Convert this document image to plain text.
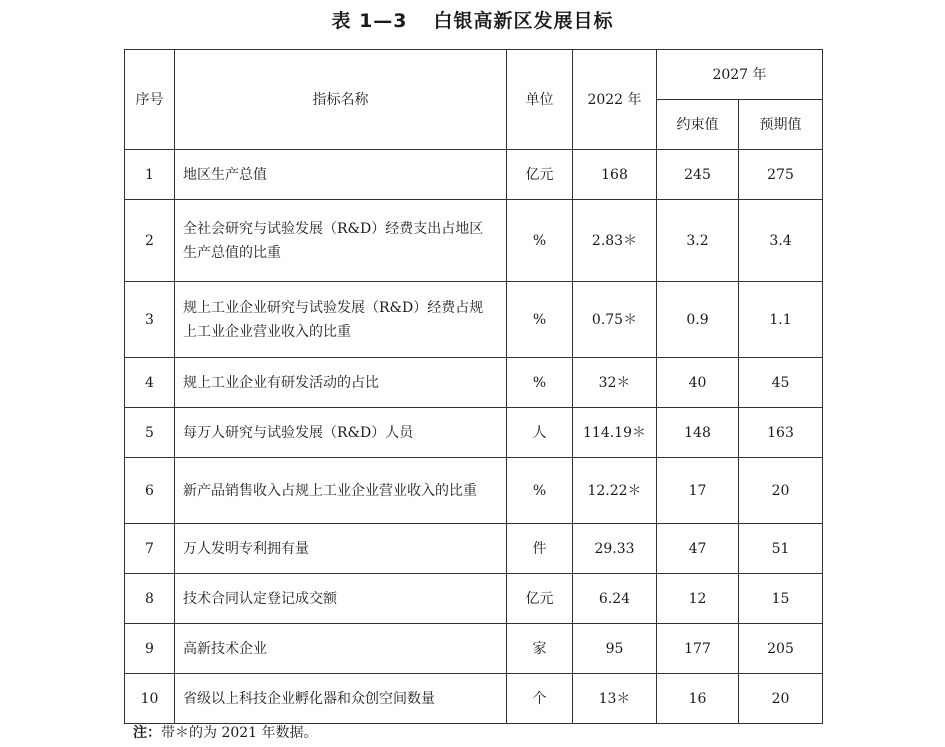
表 1—3 白银高新区发展目标
序号	指标名称	单位	2022 年	2027 年	
				约束值	预期值
1	地区生产总值	亿元	168	245	275
2	全社会研究与试验发展（R&D）经费支出占地区生产总值的比重	%	2.83＊	3.2	3.4
3	规上工业企业研究与试验发展（R&D）经费占规上工业企业营业收入的比重	%	0.75＊	0.9	1.1
4	规上工业企业有研发活动的占比	%	32＊	40	45
5	每万人研究与试验发展（R&D）人员	人	114.19＊	148	163
6	新产品销售收入占规上工业企业营业收入的比重	%	12.22＊	17	20
7	万人发明专利拥有量	件	29.33	47	51
8	技术合同认定登记成交额	亿元	6.24	12	15
9	高新技术企业	家	95	177	205
10	省级以上科技企业孵化器和众创空间数量	个	13＊	16	20
注：带＊的为 2021 年数据。
